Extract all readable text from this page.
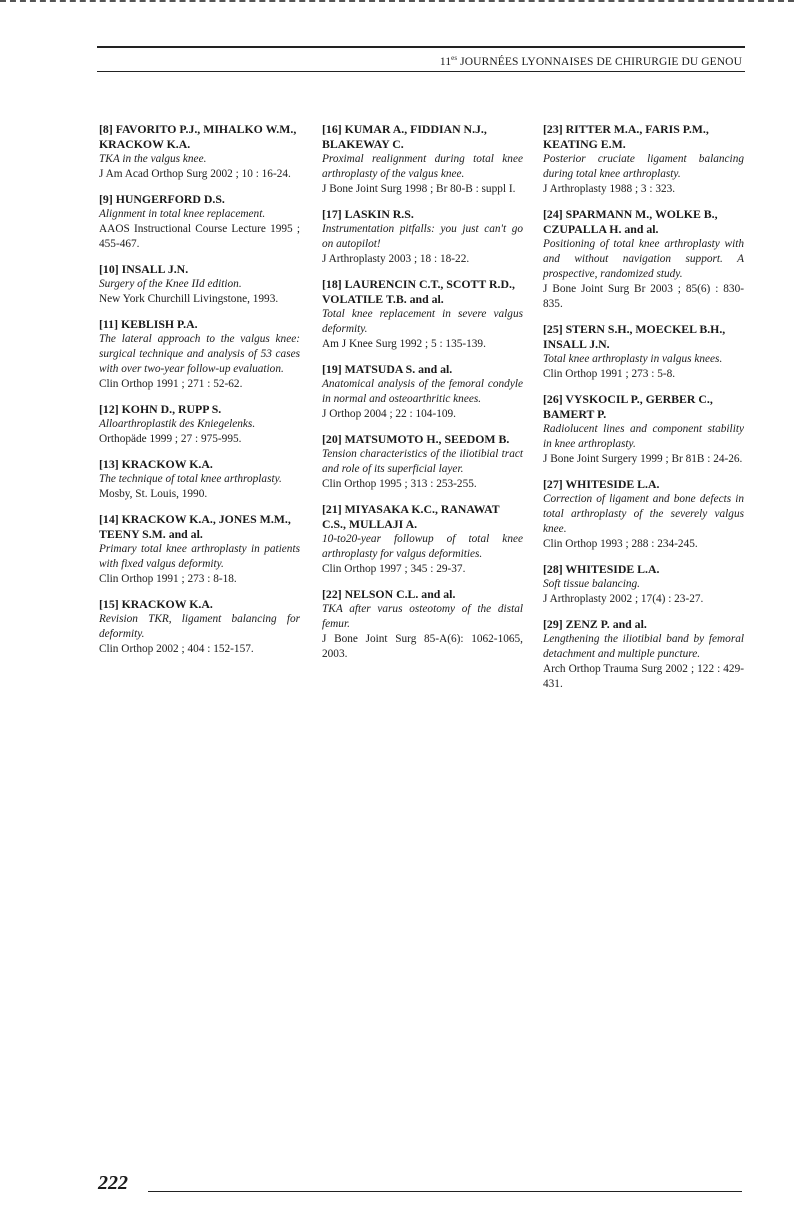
$11^{es}$ JOURNÉES LYONNAISES DE CHIRURGIE DU GENOU
[8] FAVORITO P.J., MIHALKO W.M., KRACKOW K.A.
TKA in the valgus knee.
J Am Acad Orthop Surg 2002 ; 10 : 16-24.
[9] HUNGERFORD D.S.
Alignment in total knee replacement.
AAOS Instructional Course Lecture 1995 ; 455-467.
[10] INSALL J.N.
Surgery of the Knee IId edition.
New York Churchill Livingstone, 1993.
[11] KEBLISH P.A.
The lateral approach to the valgus knee: surgical technique and analysis of 53 cases with over two-year follow-up evaluation.
Clin Orthop 1991 ; 271 : 52-62.
[12] KOHN D., RUPP S.
Alloarthroplastik des Kniegelenks.
Orthopäde 1999 ; 27 : 975-995.
[13] KRACKOW K.A.
The technique of total knee arthroplasty.
Mosby, St. Louis, 1990.
[14] KRACKOW K.A., JONES M.M., TEENY S.M. and al.
Primary total knee arthroplasty in patients with fixed valgus deformity.
Clin Orthop 1991 ; 273 : 8-18.
[15] KRACKOW K.A.
Revision TKR, ligament balancing for deformity.
Clin Orthop 2002 ; 404 : 152-157.
[16] KUMAR A., FIDDIAN N.J., BLAKEWAY C.
Proximal realignment during total knee arthroplasty of the valgus knee.
J Bone Joint Surg 1998 ; Br 80-B : suppl I.
[17] LASKIN R.S.
Instrumentation pitfalls: you just can't go on autopilot!
J Arthroplasty 2003 ; 18 : 18-22.
[18] LAURENCIN C.T., SCOTT R.D., VOLATILE T.B. and al.
Total knee replacement in severe valgus deformity.
Am J Knee Surg 1992 ; 5 : 135-139.
[19] MATSUDA S. and al.
Anatomical analysis of the femoral condyle in normal and osteoarthritic knees.
J Orthop 2004 ; 22 : 104-109.
[20] MATSUMOTO H., SEEDOM B.
Tension characteristics of the iliotibial tract and role of its superficial layer.
Clin Orthop 1995 ; 313 : 253-255.
[21] MIYASAKA K.C., RANAWAT C.S., MULLAJI A.
10-to20-year followup of total knee arthroplasty for valgus deformities.
Clin Orthop 1997 ; 345 : 29-37.
[22] NELSON C.L. and al.
TKA after varus osteotomy of the distal femur.
J Bone Joint Surg 85-A(6): 1062-1065, 2003.
[23] RITTER M.A., FARIS P.M., KEATING E.M.
Posterior cruciate ligament balancing during total knee arthroplasty.
J Arthroplasty 1988 ; 3 : 323.
[24] SPARMANN M., WOLKE B., CZUPALLA H. and al.
Positioning of total knee arthroplasty with and without navigation support. A prospective, randomized study.
J Bone Joint Surg Br 2003 ; 85(6) : 830-835.
[25] STERN S.H., MOECKEL B.H., INSALL J.N.
Total knee arthroplasty in valgus knees.
Clin Orthop 1991 ; 273 : 5-8.
[26] VYSKOCIL P., GERBER C., BAMERT P.
Radiolucent lines and component stability in knee arthroplasty.
J Bone Joint Surgery 1999 ; Br 81B : 24-26.
[27] WHITESIDE L.A.
Correction of ligament and bone defects in total arthroplasty of the severely valgus knee.
Clin Orthop 1993 ; 288 : 234-245.
[28] WHITESIDE L.A.
Soft tissue balancing.
J Arthroplasty 2002 ; 17(4) : 23-27.
[29] ZENZ P. and al.
Lengthening the iliotibial band by femoral detachment and multiple puncture.
Arch Orthop Trauma Surg 2002 ; 122 : 429-431.
222
